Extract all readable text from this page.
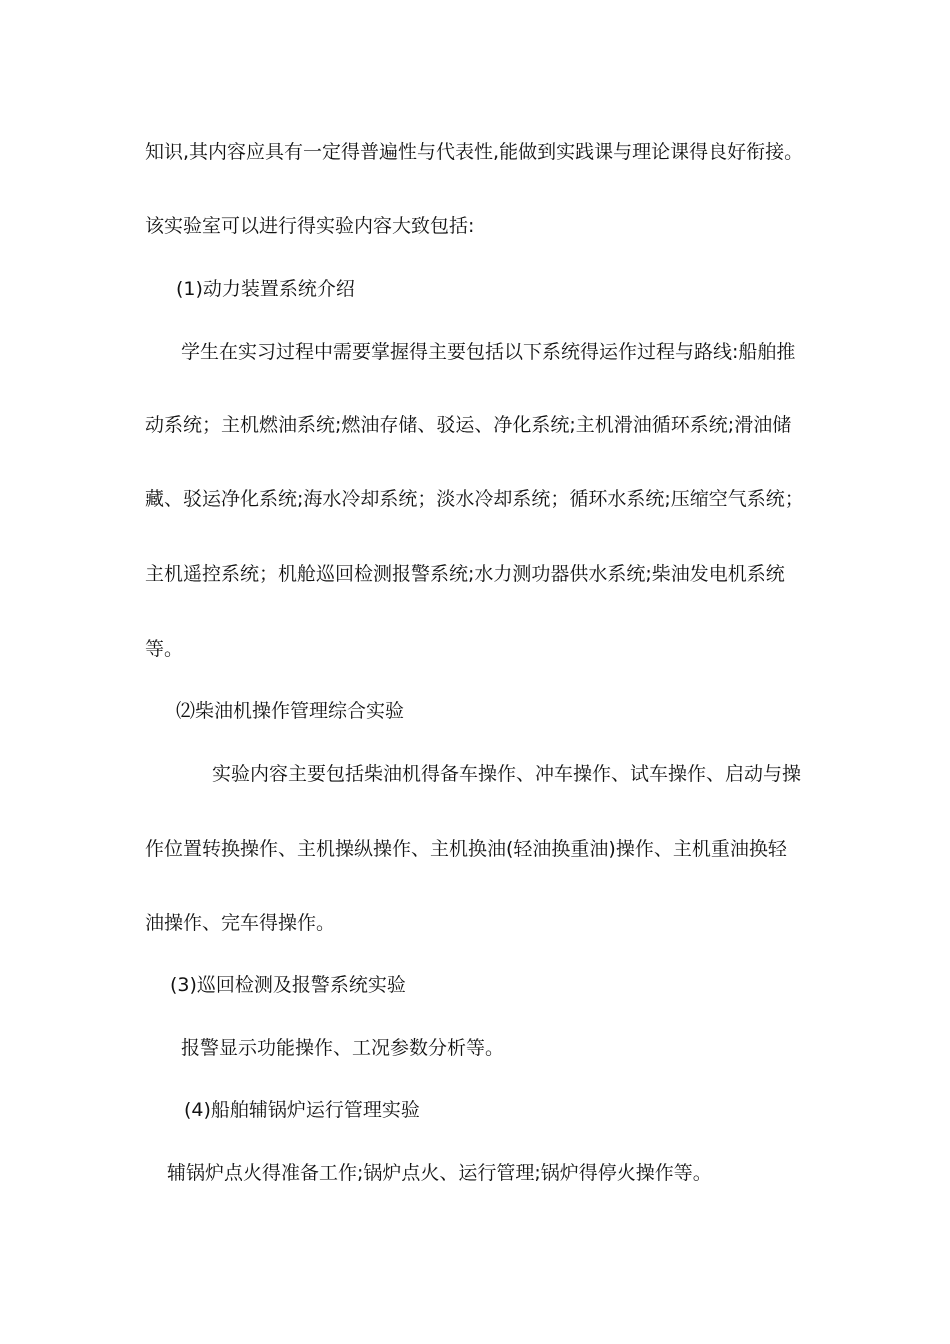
知识,其内容应具有一定得普遍性与代表性,能做到实践课与理论课得良好衔接。
该实验室可以进行得实验内容大致包括:
(1)动力装置系统介绍
学生在实习过程中需要掌握得主要包括以下系统得运作过程与路线:船舶推
动系统；主机燃油系统;燃油存储、驳运、净化系统;主机滑油循环系统;滑油储
藏、驳运净化系统;海水冷却系统；淡水冷却系统；循环水系统;压缩空气系统；
主机遥控系统；机舱巡回检测报警系统;水力测功器供水系统;柴油发电机系统
等。
⑵柴油机操作管理综合实验
实验内容主要包括柴油机得备车操作、冲车操作、试车操作、启动与操
作位置转换操作、主机操纵操作、主机换油(轻油换重油)操作、主机重油换轻
油操作、完车得操作。
(3)巡回检测及报警系统实验
报警显示功能操作、工况参数分析等。
(4)船舶辅锅炉运行管理实验
辅锅炉点火得准备工作;锅炉点火、运行管理;锅炉得停火操作等。
